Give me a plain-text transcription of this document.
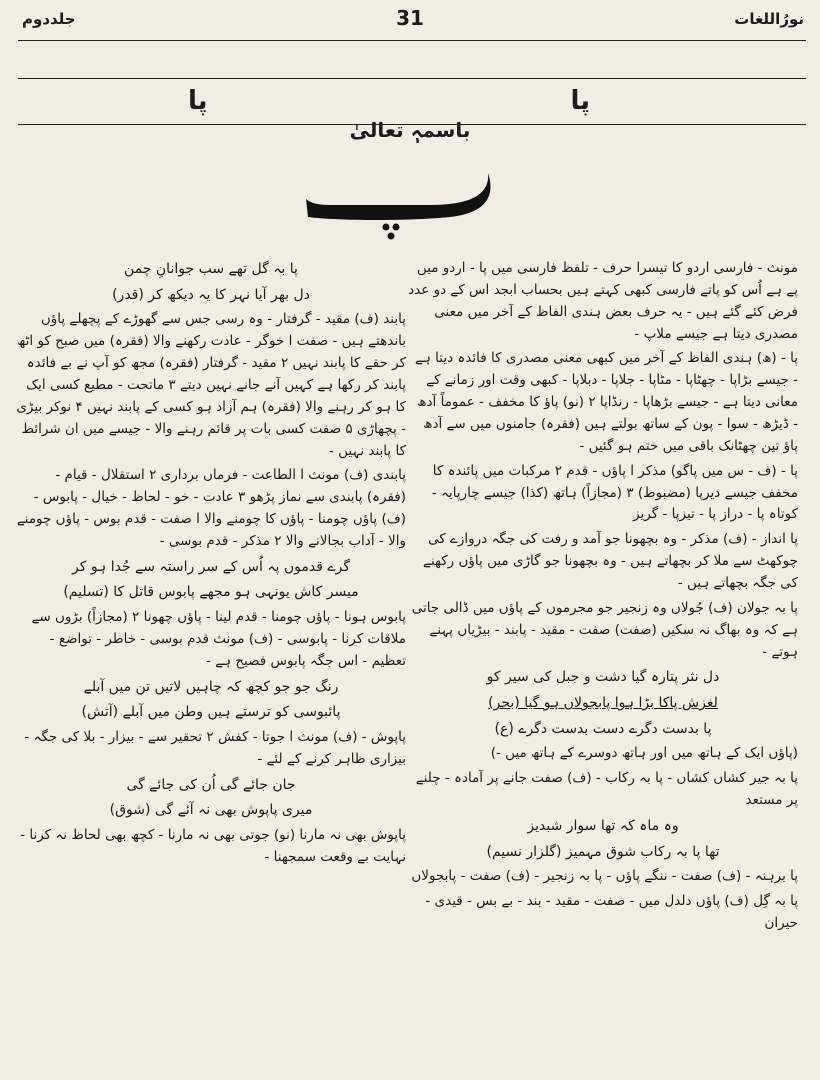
جلددوم	31	نورُاللغات
پا	پا
باسمہٖ تعالیٰ

مونث - فارسی اردو کا تیسرا حرف - تلفظ فارسی میں پا - اردو میں پے ہے اُس کو پاتے فارسی کبھی کہتے ہیں بحساب ابجد اس کے دو عدد فرض کئے گئے ہیں - یہ حرف بعض ہندی الفاظ کے آخر میں معنی مصدری دیتا ہے جیسے ملاپ -

پا - (ھ) ہندی الفاظ کے آخر میں کبھی معنی مصدری کا فائدہ دیتا ہے - جیسے بڑاپا - چھٹاپا - مٹاپا - جلاپا - دبلاپا - کبھی وقت اور زمانے کے معانی دیتا ہے - جیسے بڑھاپا - رنڈاپا ۲ (نو) پاؤ کا مخفف - عموماً آدھ - ڈیڑھ - سوا - پون کے ساتھ بولتے ہیں (فقرہ) جامنوں میں سے آدھ پاؤ تین چھٹانک باقی میں ختم ہو گئیں -

پا - (ف - س میں پاگو) مذکر ا پاؤں - قدم ۲ مرکبات میں پائندہ کا مخفف جیسے دیرپا (مضبوط) ۳ (مجازاً) ہاتھ (کذا) جیسے چارپایہ - کوتاہ پا - دراز پا - تیزپا - گریز

پا انداز - (ف) مذکر - وہ بچھونا جو آمد و رفت کی جگہ دروازے کی چوکھٹ سے ملا کر بچھاتے ہیں - وہ بچھونا جو گاڑی میں پاؤں رکھنے کی جگہ بچھاتے ہیں -

پا بہ جولان (ف) جُولاں وہ زنجیر جو مجرموں کے پاؤں میں ڈالی جاتی ہے کہ وہ بھاگ نہ سکیں (صفت) صفت - مقید - پابند - بیڑیاں پہنے ہوتے -

دل نثر پتارہ گیا دشت و جبل کی سیر کو

لغزش پاکا بڑا ہوا پابجولاں ہو گیا (بحر)

پا بدست دگرے دست بدست دگرے (ع)

(پاؤں ایک کے ہاتھ میں اور ہاتھ دوسرے کے ہاتھ میں -)

پا بہ جیر کشاں کشاں - پا بہ رکاب - (ف) صفت جانے پر آمادہ - چلنے پر مستعد

وہ ماہ کہ تھا سوار شبدیز

تھا پا بہ رکاب شوق مہمیز (گلزار نسیم)

پا برہنہ - (ف) صفت - ننگے پاؤں - پا بہ زنجیر - (ف) صفت - پابجولاں

پا بہ گِل (ف) پاؤں دلدل میں - صفت - مقید - بند - بے بس - قیدی - حیران

پا بہ گل تھے سب جوانانِ چمن

دل بھر آیا نہر کا یہ دیکھ کر (قدر)

پابند (ف) مقید - گرفتار - وہ رسی جس سے گھوڑے کے پچھلے پاؤں باندھتے ہیں - صفت ا خوگر - عادت رکھنے والا (فقرہ) میں صبح کو اٹھ کر حقے کا پابند نہیں ۲ مقید - گرفتار (فقرہ) مجھ کو آپ نے بے فائدہ پابند کر رکھا ہے کہیں آنے جانے نہیں دیتے ۳ ماتحت - مطیع کسی ایک کا ہو کر رہنے والا (فقرہ) ہم آزاد ہو کسی کے پابند نہیں ۴ نوکر بیڑی - پچھاڑی ۵ صفت کسی بات پر قائم رہنے والا - جیسے میں ان شرائط کا پابند نہیں -

پابندی (ف) مونث ا الطاعت - فرماں برداری ۲ استقلال - قیام - (فقرہ) پابندی سے نماز پڑھو ۳ عادت - خو - لحاظ - خیال - پابوس - (ف) پاؤں چومنا - پاؤں کا چومنے والا ا صفت - قدم بوس - پاؤں چومنے والا - آداب بجالانے والا ۲ مذکر - قدم بوسی -

گرے قدموں پہ اُس کے سر راستہ سے جُدا ہو کر

میسر کاش یونہی ہو مجھے پابوس قاتل کا (تسلیم)

پابوس ہونا - پاؤں چومنا - قدم لینا - پاؤں چھونا ۲ (مجازاً) بڑوں سے ملاقات کرنا - پابوسی - (ف) مونث قدم بوسی - خاطر - تواضع - تعظیم - اس جگہ پابوس فصیح ہے -

رنگ جو جو کچھ کہ چاہیں لاتیں تن میں آبلے

پائبوسی کو ترستے ہیں وطن میں آبلے (آتش)

پاپوش - (ف) مونث ا جوتا - کفش ۲ تحقیر سے - بیزار - بلا کی جگہ - بیزاری ظاہر کرنے کے لئے -

جان جائے گی اُن کی جائے گی

میری پاپوش بھی نہ آئے گی (شوق)

پاپوش بھی نہ مارنا (نو) جوتی بھی نہ مارنا - کچھ بھی لحاظ نہ کرنا - نہایت بے وقعت سمجھنا -
